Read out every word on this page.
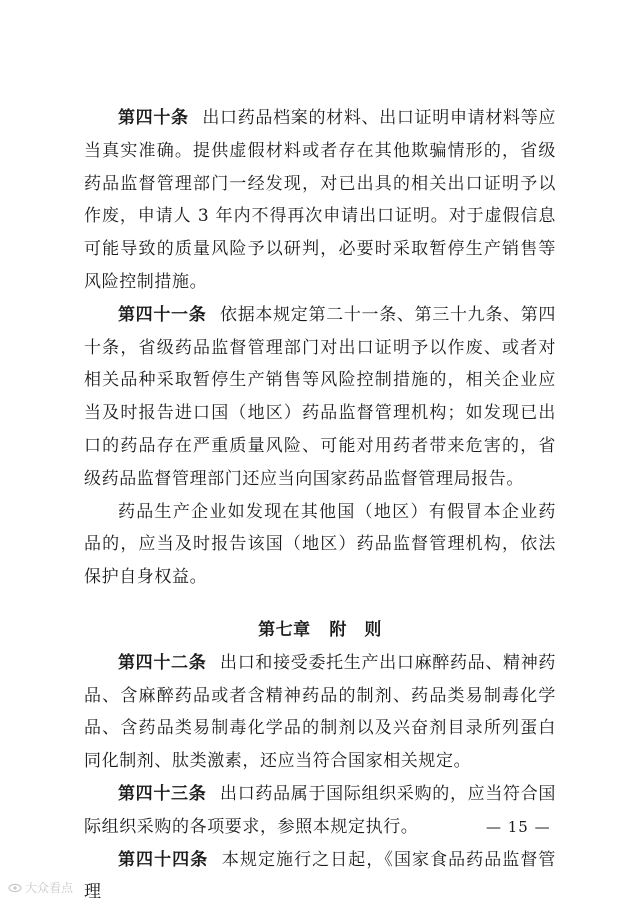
第四十条 出口药品档案的材料、出口证明申请材料等应当真实准确。提供虚假材料或者存在其他欺骗情形的，省级药品监督管理部门一经发现，对已出具的相关出口证明予以作废，申请人 3 年内不得再次申请出口证明。对于虚假信息可能导致的质量风险予以研判，必要时采取暂停生产销售等风险控制措施。

第四十一条 依据本规定第二十一条、第三十九条、第四十条，省级药品监督管理部门对出口证明予以作废、或者对相关品种采取暂停生产销售等风险控制措施的，相关企业应当及时报告进口国（地区）药品监督管理机构；如发现已出口的药品存在严重质量风险、可能对用药者带来危害的，省级药品监督管理部门还应当向国家药品监督管理局报告。

药品生产企业如发现在其他国（地区）有假冒本企业药品的，应当及时报告该国（地区）药品监督管理机构，依法保护自身权益。

第七章 附　则

第四十二条 出口和接受委托生产出口麻醉药品、精神药品、含麻醉药品或者含精神药品的制剂、药品类易制毒化学品、含药品类易制毒化学品的制剂以及兴奋剂目录所列蛋白同化制剂、肽类激素，还应当符合国家相关规定。

第四十三条 出口药品属于国际组织采购的，应当符合国际组织采购的各项要求，参照本规定执行。

第四十四条 本规定施行之日起，《国家食品药品监督管理

— 15 —
大众看点
